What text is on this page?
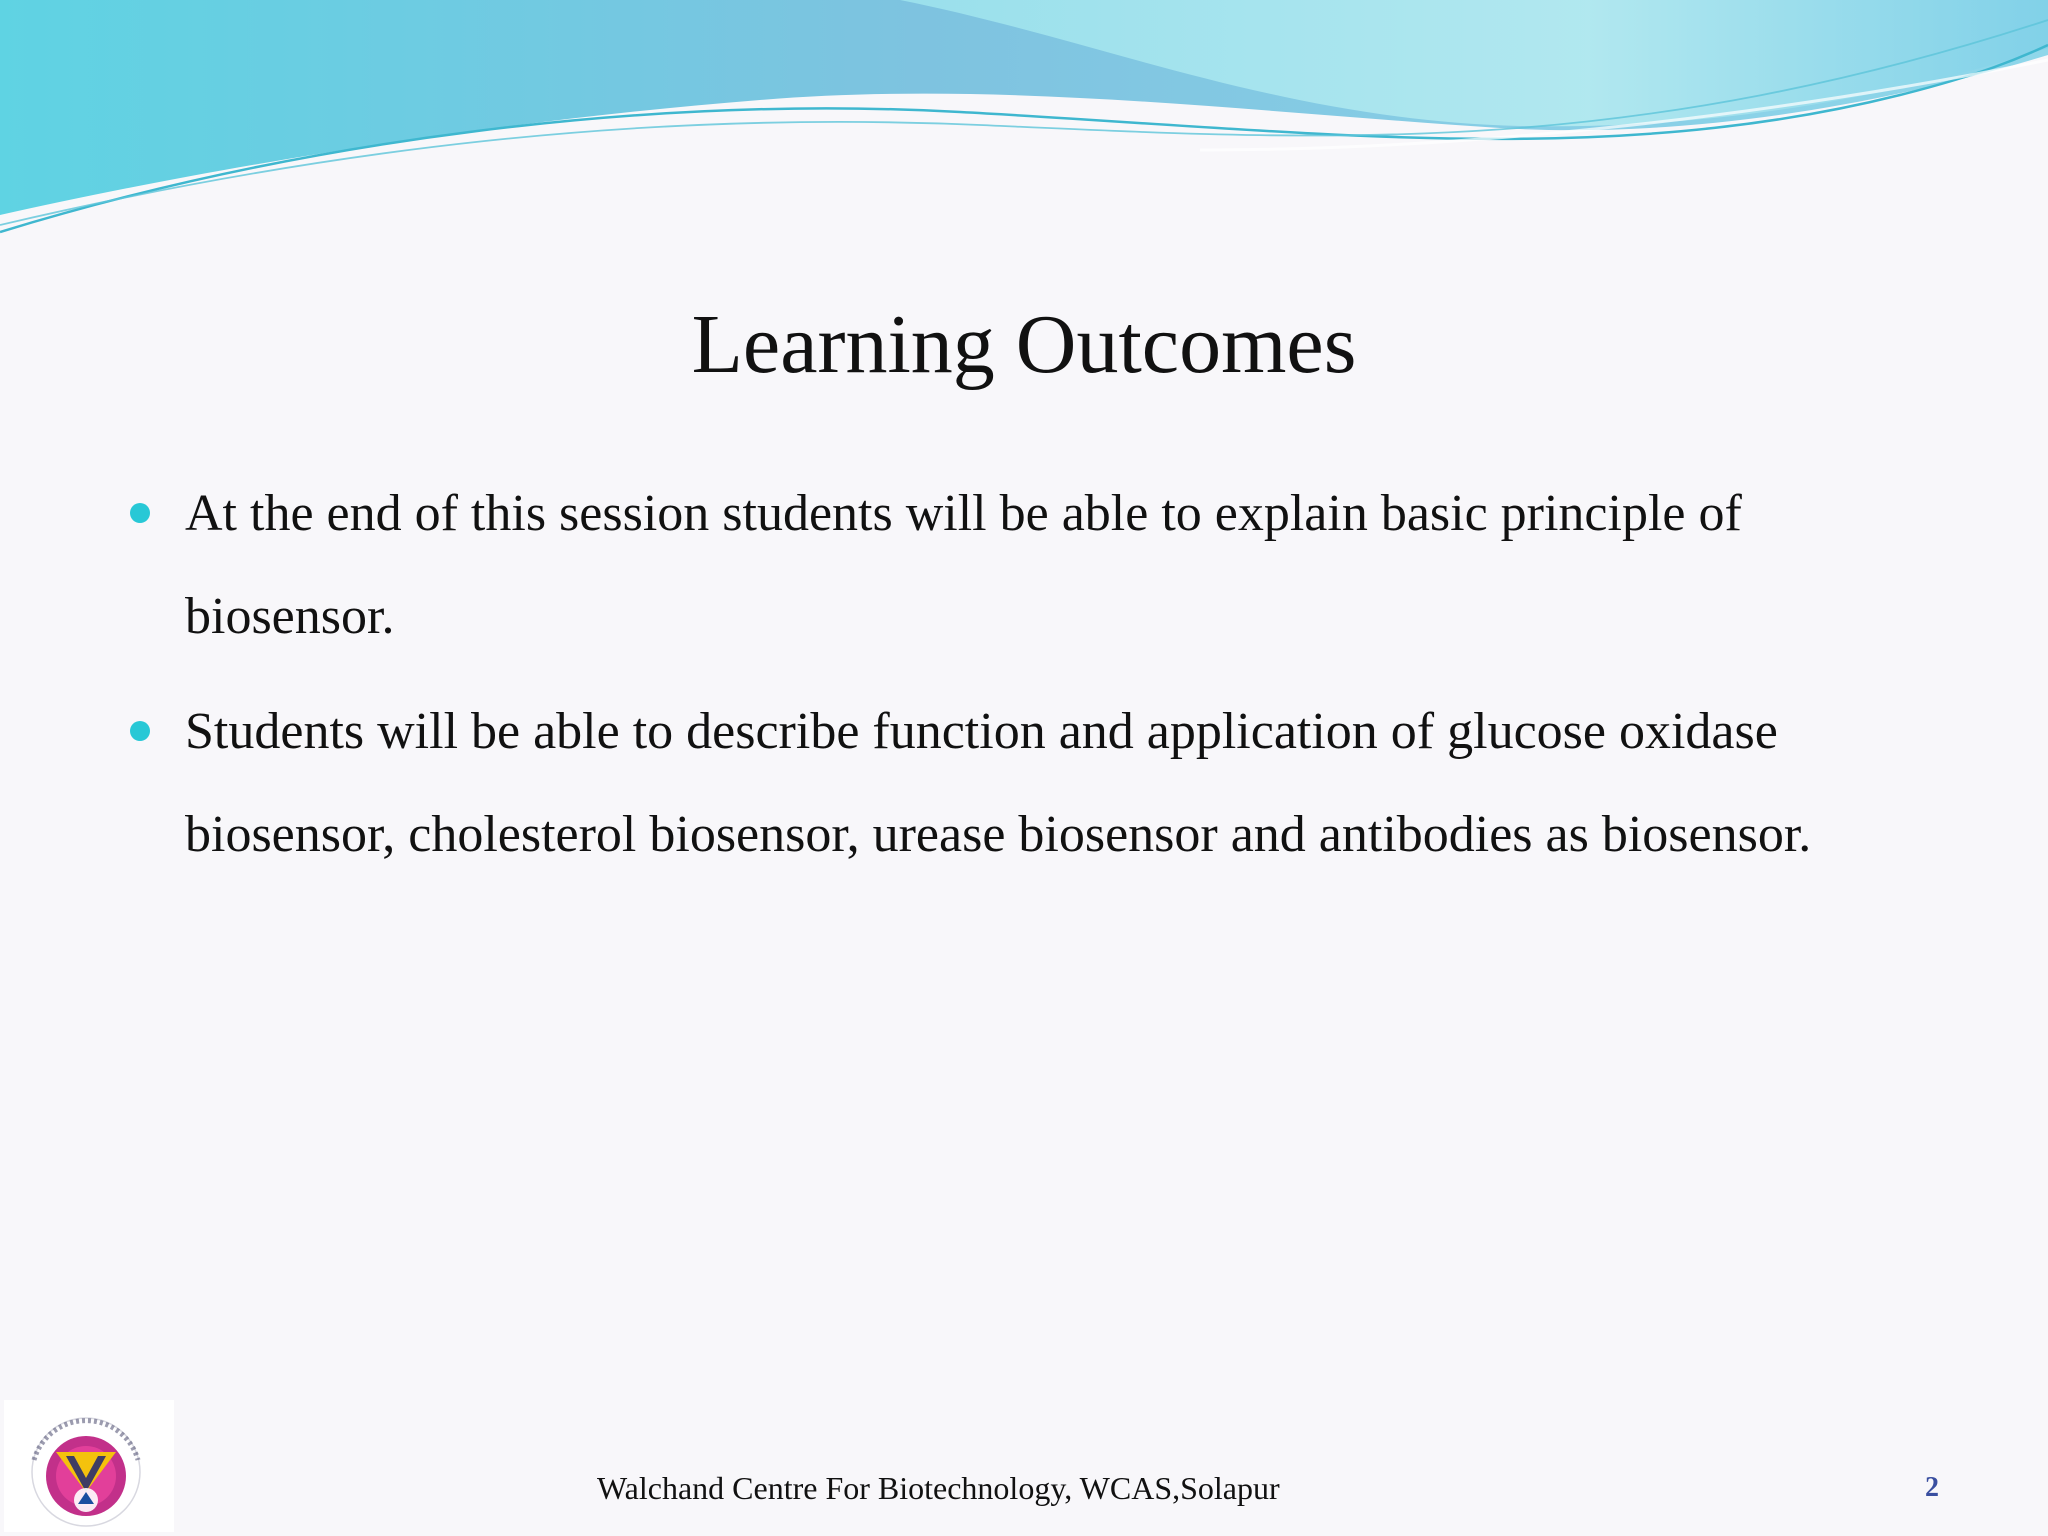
Learning Outcomes
At the end of this session students will be able to explain basic principle of biosensor.
Students will be able to describe function and application of glucose oxidase biosensor, cholesterol biosensor, urease biosensor and antibodies as biosensor.
Walchand Centre For Biotechnology, WCAS,Solapur	2
